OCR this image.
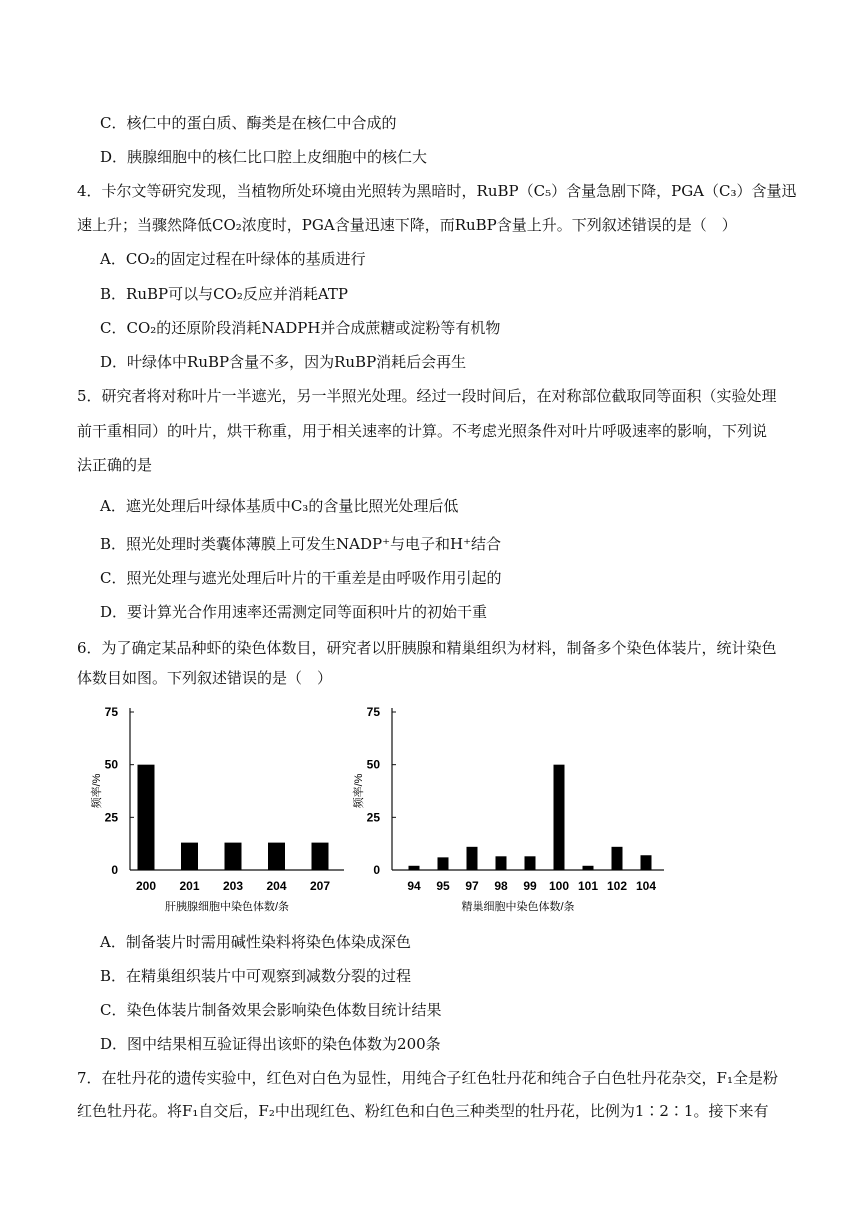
C．核仁中的蛋白质、酶类是在核仁中合成的
D．胰腺细胞中的核仁比口腔上皮细胞中的核仁大
4．卡尔文等研究发现，当植物所处环境由光照转为黑暗时，RuBP（C₅）含量急剧下降，PGA（C₃）含量迅
速上升；当骤然降低CO₂浓度时，PGA含量迅速下降，而RuBP含量上升。下列叙述错误的是（　）
A．CO₂的固定过程在叶绿体的基质进行
B．RuBP可以与CO₂反应并消耗ATP
C．CO₂的还原阶段消耗NADPH并合成蔗糖或淀粉等有机物
D．叶绿体中RuBP含量不多，因为RuBP消耗后会再生
5．研究者将对称叶片一半遮光，另一半照光处理。经过一段时间后，在对称部位截取同等面积（实验处理
前干重相同）的叶片，烘干称重，用于相关速率的计算。不考虑光照条件对叶片呼吸速率的影响，下列说
法正确的是
A．遮光处理后叶绿体基质中C₃的含量比照光处理后低
B．照光处理时类囊体薄膜上可发生NADP⁺与电子和H⁺结合
C．照光处理与遮光处理后叶片的干重差是由呼吸作用引起的
D．要计算光合作用速率还需测定同等面积叶片的初始干重
6．为了确定某品种虾的染色体数目，研究者以肝胰腺和精巢组织为材料，制备多个染色体装片，统计染色
体数目如图。下列叙述错误的是（　）
75
50
25
0
频率/%
200 201 203 204 207
肝胰腺细胞中染色体数/条
75
50
25
0
频率/%
94 95 97 98 99 100 101 102 104
精巢细胞中染色体数/条
A．制备装片时需用碱性染料将染色体染成深色
B．在精巢组织装片中可观察到减数分裂的过程
C．染色体装片制备效果会影响染色体数目统计结果
D．图中结果相互验证得出该虾的染色体数为200条
7．在牡丹花的遗传实验中，红色对白色为显性，用纯合子红色牡丹花和纯合子白色牡丹花杂交，F₁全是粉
红色牡丹花。将F₁自交后，F₂中出现红色、粉红色和白色三种类型的牡丹花，比例为1∶2∶1。接下来有
